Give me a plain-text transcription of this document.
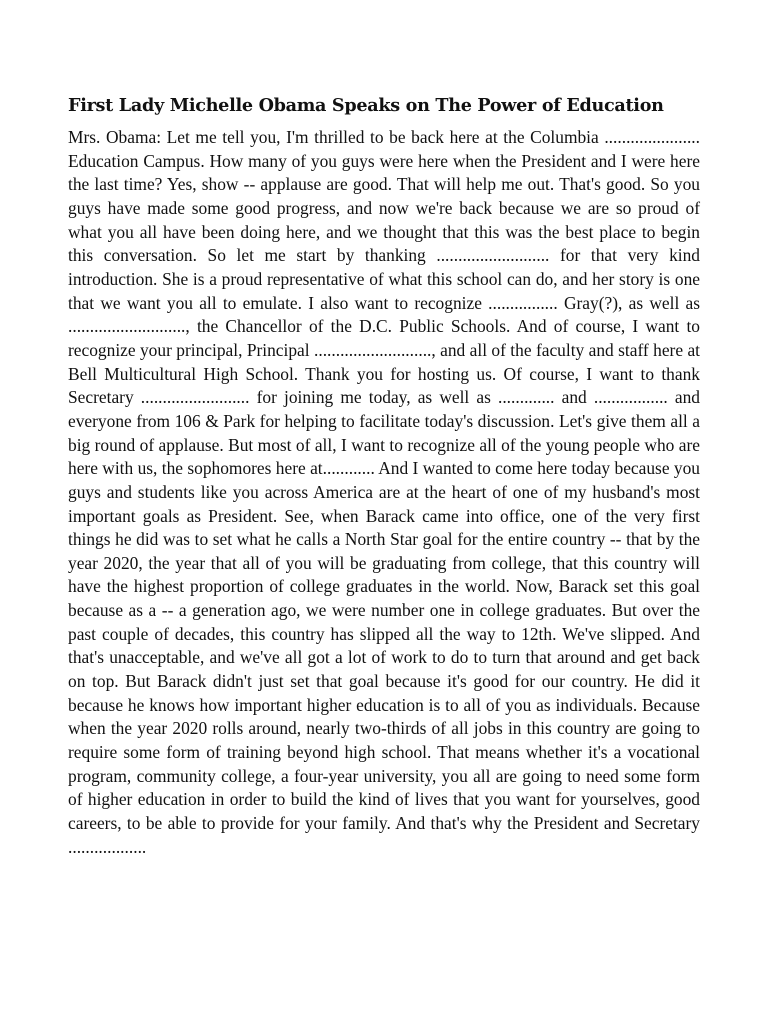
First Lady Michelle Obama Speaks on The Power of Education

Mrs. Obama: Let me tell you, I'm thrilled to be back here at the Columbia ...................... Education Campus. How many of you guys were here when the President and I were here the last time? Yes, show -- applause are good. That will help me out. That's good. So you guys have made some good progress, and now we're back because we are so proud of what you all have been doing here, and we thought that this was the best place to begin this conversation. So let me start by thanking .......................... for that very kind introduction. She is a proud representative of what this school can do, and her story is one that we want you all to emulate. I also want to recognize ................ Gray(?), as well as ..........................., the Chancellor of the D.C. Public Schools. And of course, I want to recognize your principal, Principal ..........................., and all of the faculty and staff here at Bell Multicultural High School. Thank you for hosting us. Of course, I want to thank Secretary ......................... for joining me today, as well as ............. and ................. and everyone from 106 & Park for helping to facilitate today's discussion. Let's give them all a big round of applause. But most of all, I want to recognize all of the young people who are here with us, the sophomores here at............ And I wanted to come here today because you guys and students like you across America are at the heart of one of my husband's most important goals as President. See, when Barack came into office, one of the very first things he did was to set what he calls a North Star goal for the entire country -- that by the year 2020, the year that all of you will be graduating from college, that this country will have the highest proportion of college graduates in the world. Now, Barack set this goal because as a -- a generation ago, we were number one in college graduates. But over the past couple of decades, this country has slipped all the way to 12th. We've slipped. And that's unacceptable, and we've all got a lot of work to do to turn that around and get back on top. But Barack didn't just set that goal because it's good for our country. He did it because he knows how important higher education is to all of you as individuals. Because when the year 2020 rolls around, nearly two-thirds of all jobs in this country are going to require some form of training beyond high school. That means whether it's a vocational program, community college, a four-year university, you all are going to need some form of higher education in order to build the kind of lives that you want for yourselves, good careers, to be able to provide for your family. And that's why the President and Secretary ..................
